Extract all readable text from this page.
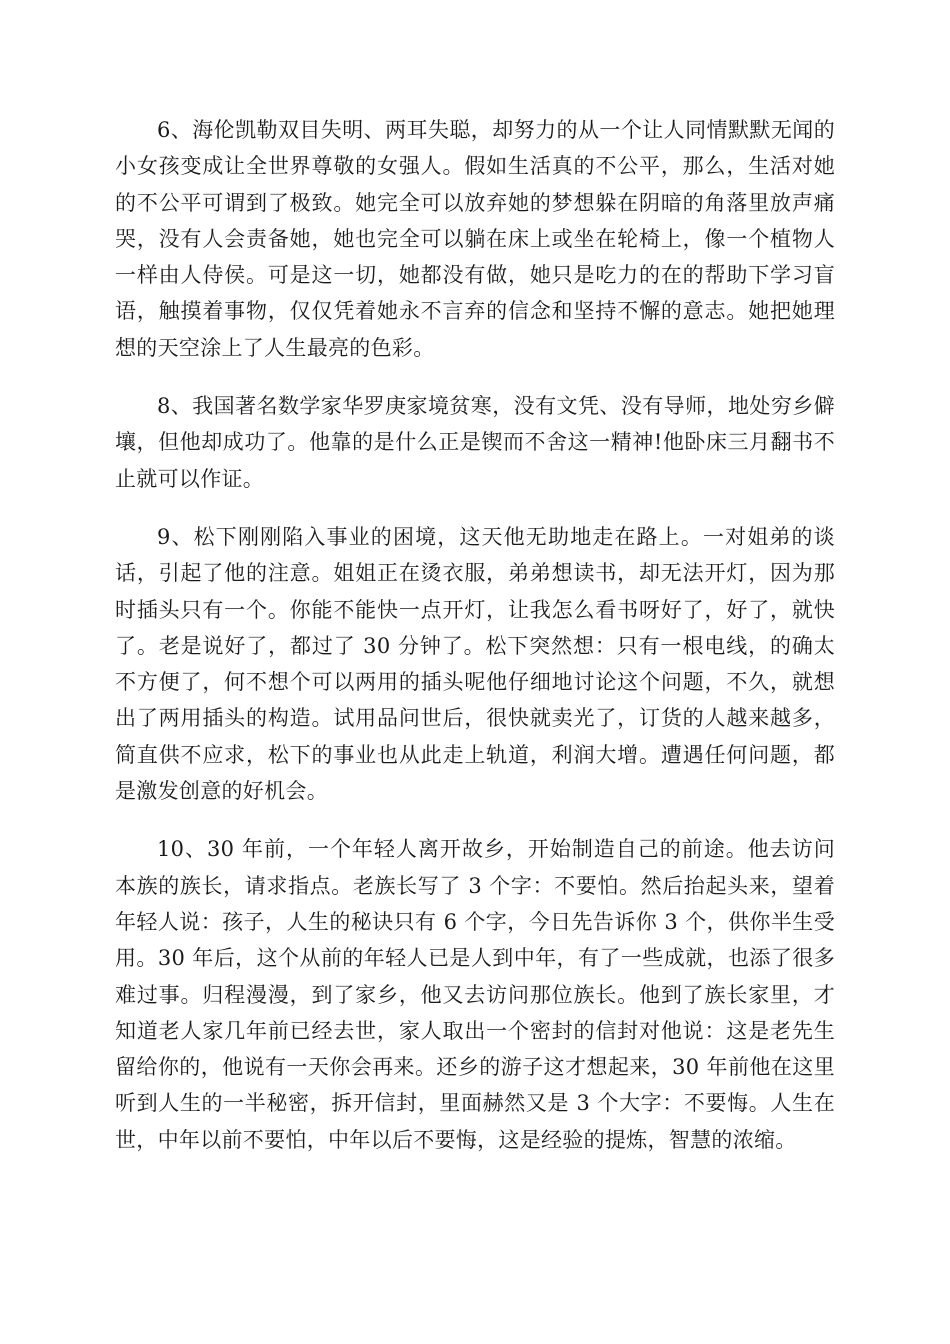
6、海伦凯勒双目失明、两耳失聪，却努力的从一个让人同情默默无闻的小女孩变成让全世界尊敬的女强人。假如生活真的不公平，那么，生活对她的不公平可谓到了极致。她完全可以放弃她的梦想躲在阴暗的角落里放声痛哭，没有人会责备她，她也完全可以躺在床上或坐在轮椅上，像一个植物人一样由人侍侯。可是这一切，她都没有做，她只是吃力的在的帮助下学习盲语，触摸着事物，仅仅凭着她永不言弃的信念和坚持不懈的意志。她把她理想的天空涂上了人生最亮的色彩。

8、我国著名数学家华罗庚家境贫寒，没有文凭、没有导师，地处穷乡僻壤，但他却成功了。他靠的是什么正是锲而不舍这一精神!他卧床三月翻书不止就可以作证。

9、松下刚刚陷入事业的困境，这天他无助地走在路上。一对姐弟的谈话，引起了他的注意。姐姐正在烫衣服，弟弟想读书，却无法开灯，因为那时插头只有一个。你能不能快一点开灯，让我怎么看书呀好了，好了，就快了。老是说好了，都过了 30 分钟了。松下突然想：只有一根电线，的确太不方便了，何不想个可以两用的插头呢他仔细地讨论这个问题，不久，就想出了两用插头的构造。试用品问世后，很快就卖光了，订货的人越来越多，简直供不应求，松下的事业也从此走上轨道，利润大增。遭遇任何问题，都是激发创意的好机会。

10、30 年前，一个年轻人离开故乡，开始制造自己的前途。他去访问本族的族长，请求指点。老族长写了 3 个字：不要怕。然后抬起头来，望着年轻人说：孩子，人生的秘诀只有 6 个字，今日先告诉你 3 个，供你半生受用。30 年后，这个从前的年轻人已是人到中年，有了一些成就，也添了很多难过事。归程漫漫，到了家乡，他又去访问那位族长。他到了族长家里，才知道老人家几年前已经去世，家人取出一个密封的信封对他说：这是老先生留给你的，他说有一天你会再来。还乡的游子这才想起来，30 年前他在这里听到人生的一半秘密，拆开信封，里面赫然又是 3 个大字：不要悔。人生在世，中年以前不要怕，中年以后不要悔，这是经验的提炼，智慧的浓缩。
